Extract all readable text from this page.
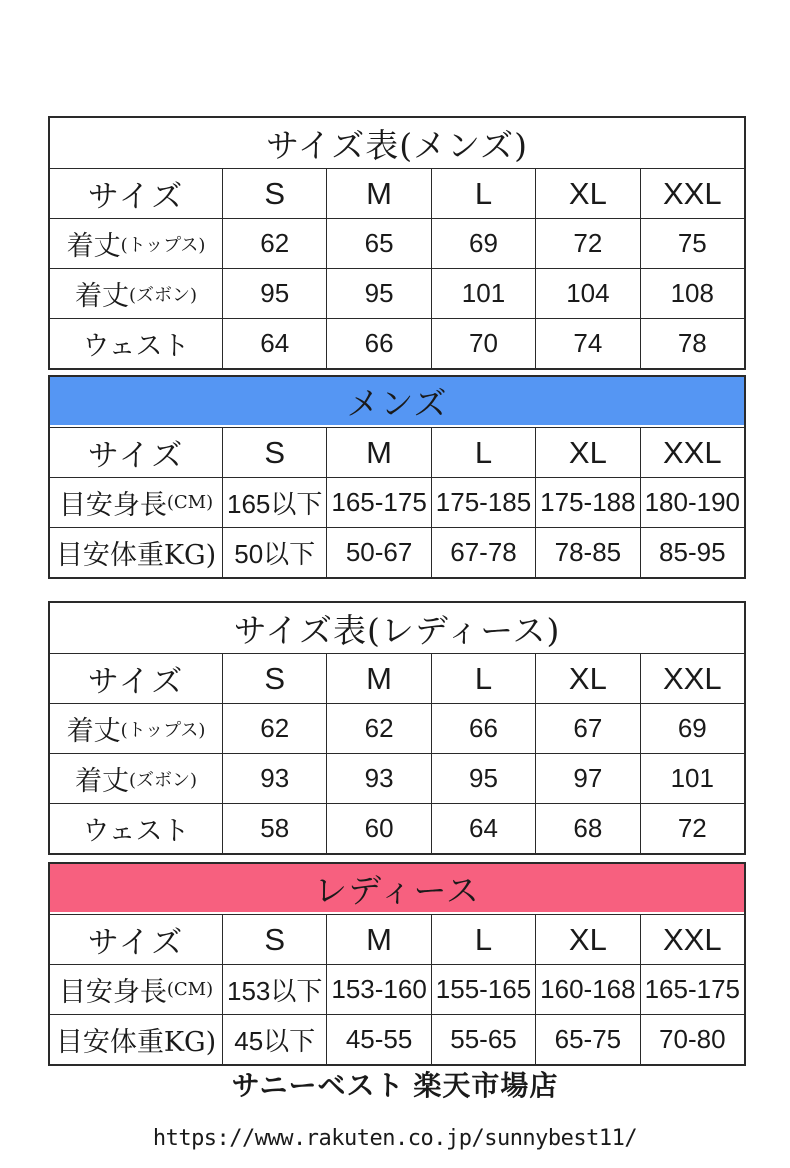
サイズ表(メンズ)
サイズ	S	M	L	XL	XXL
着丈 (トップス)	62	65	69	72	75
着丈 (ズボン)	95	95	101	104	108
ウェスト	64	66	70	74	78
メンズ
サイズ	S	M	L	XL	XXL
目安身長 (CM) 165以下 165-175 175-185 175-188 180-190
目安体重KG) 50以下	50-67	67-78	78-85	85-95
サイズ表(レディース)
サイズ	S	M	L	XL	XXL
着丈 (トップス)	62	62	66	67	69
着丈 (ズボン)	93	93	95	97	101
ウェスト	58	60	64	68	72
レディース
サイズ	S	M	L	XL	XXL
目安身長 (CM) 153以下 153-160 155-165 160-168 165-175
目安体重KG) 45以下	45-55	55-65	65-75	70-80
サニーベスト 楽天市場店
https://www.rakuten.co.jp/sunnybest11/
